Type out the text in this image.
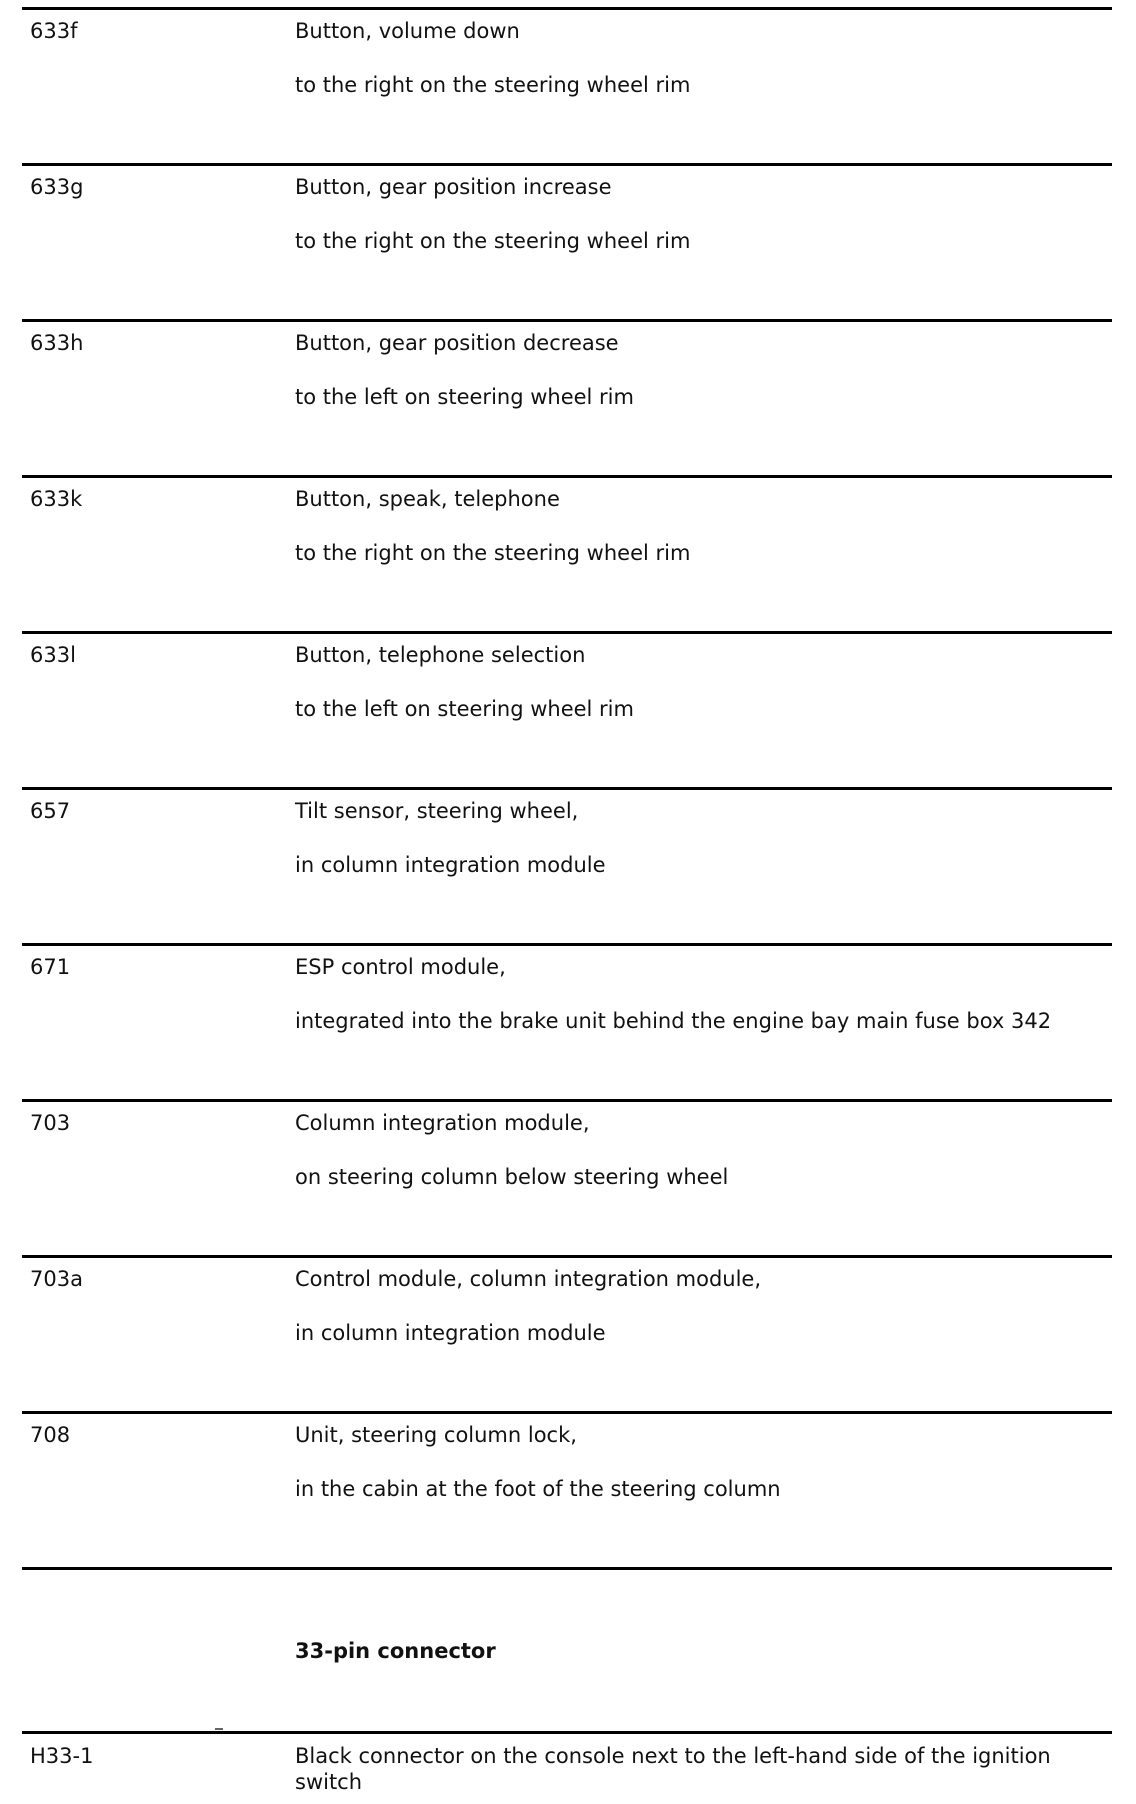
633f	Button, volume down
to the right on the steering wheel rim
633g	Button, gear position increase
to the right on the steering wheel rim
633h	Button, gear position decrease
to the left on steering wheel rim
633k	Button, speak, telephone
to the right on the steering wheel rim
633l	Button, telephone selection
to the left on steering wheel rim
657	Tilt sensor, steering wheel,
in column integration module
671	ESP control module,
integrated into the brake unit behind the engine bay main fuse box 342
703	Column integration module,
on steering column below steering wheel
703a	Control module, column integration module,
in column integration module
708	Unit, steering column lock,
in the cabin at the foot of the steering column
33-pin connector
H33-1	Black connector on the console next to the left-hand side of the ignition switch
